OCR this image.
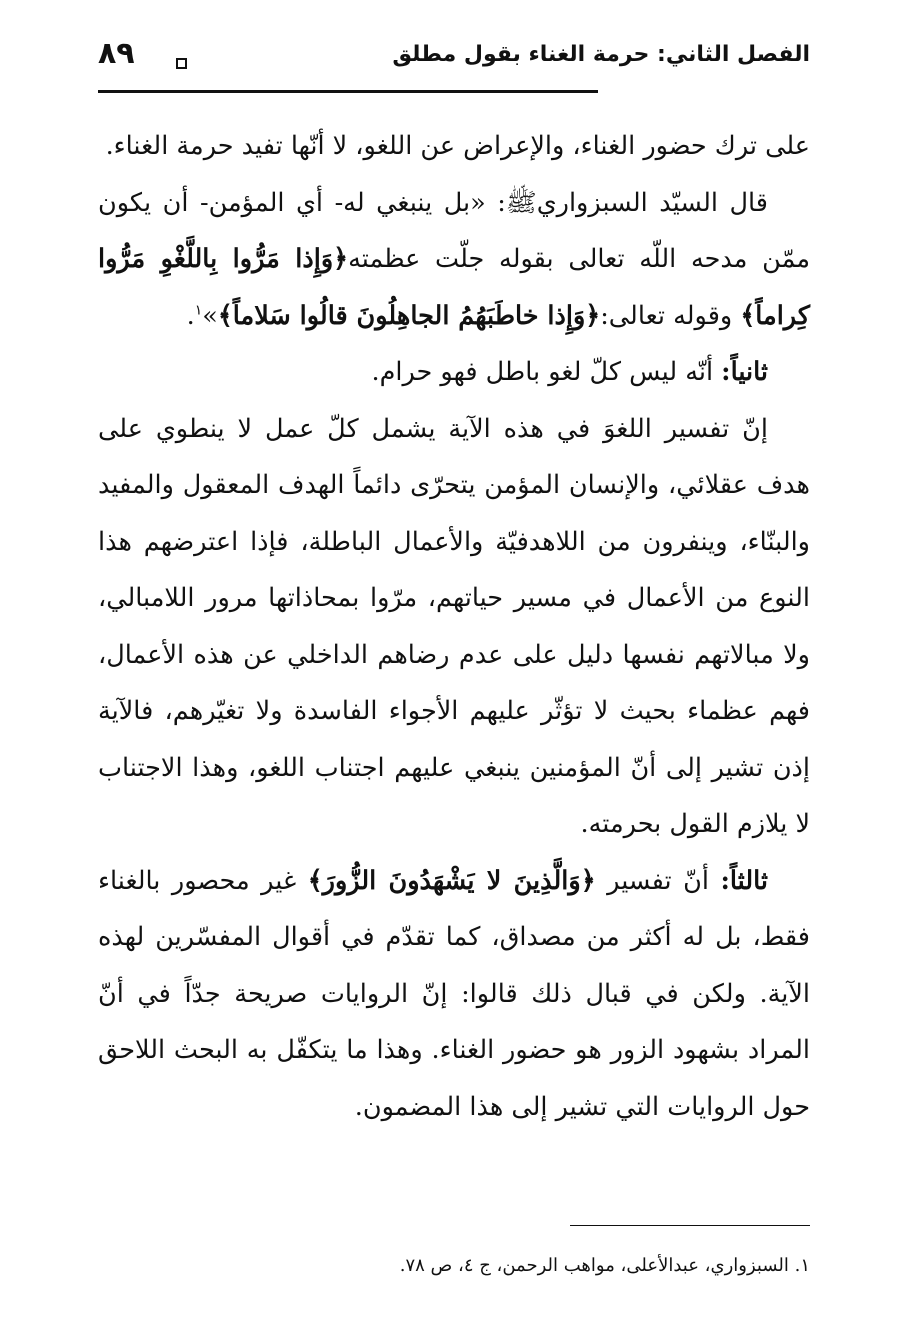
الفصل الثاني: حرمة الغناء بقول مطلق
٨٩

على ترك حضور الغناء، والإعراض عن اللغو، لا أنّها تفيد حرمة الغناء.

قال السيّد السبزواري‎ﷺ: «بل ينبغي له- أي المؤمن- أن يكون ممّن مدحه اللّه تعالى بقوله جلّت عظمته﴿وَإِذا مَرُّوا بِاللَّغْوِ مَرُّوا كِراماً﴾ وقوله تعالى:﴿وَإِذا خاطَبَهُمُ الجاهِلُونَ قالُوا سَلاماً﴾»$^١$.

ثانياً: أنّه ليس كلّ لغو باطل فهو حرام.

إنّ تفسير اللغوَ في هذه الآية يشمل كلّ عمل لا ينطوي على هدف عقلائي، والإنسان المؤمن يتحرّى دائماً الهدف المعقول والمفيد والبنّاء، وينفرون من اللاهدفيّة والأعمال الباطلة، فإذا اعترضهم هذا النوع من الأعمال في مسير حياتهم، مرّوا بمحاذاتها مرور اللامبالي، ولا مبالاتهم نفسها دليل على عدم رضاهم الداخلي عن هذه الأعمال، فهم عظماء بحيث لا تؤثّر عليهم الأجواء الفاسدة ولا تغيّرهم، فالآية إذن تشير إلى أنّ المؤمنين ينبغي عليهم اجتناب اللغو، وهذا الاجتناب لا يلازم القول بحرمته.

ثالثاً: أنّ تفسير ﴿وَالَّذِينَ لا يَشْهَدُونَ الزُّورَ﴾ غير محصور بالغناء فقط، بل له أكثر من مصداق، كما تقدّم في أقوال المفسّرين لهذه الآية. ولكن في قبال ذلك قالوا: إنّ الروايات صريحة جدّاً في أنّ المراد بشهود الزور هو حضور الغناء. وهذا ما يتكفّل به البحث اللاحق حول الروايات التي تشير إلى هذا المضمون.

١. السبزواري، عبدالأعلى، مواهب الرحمن، ج ٤، ص ٧٨.
